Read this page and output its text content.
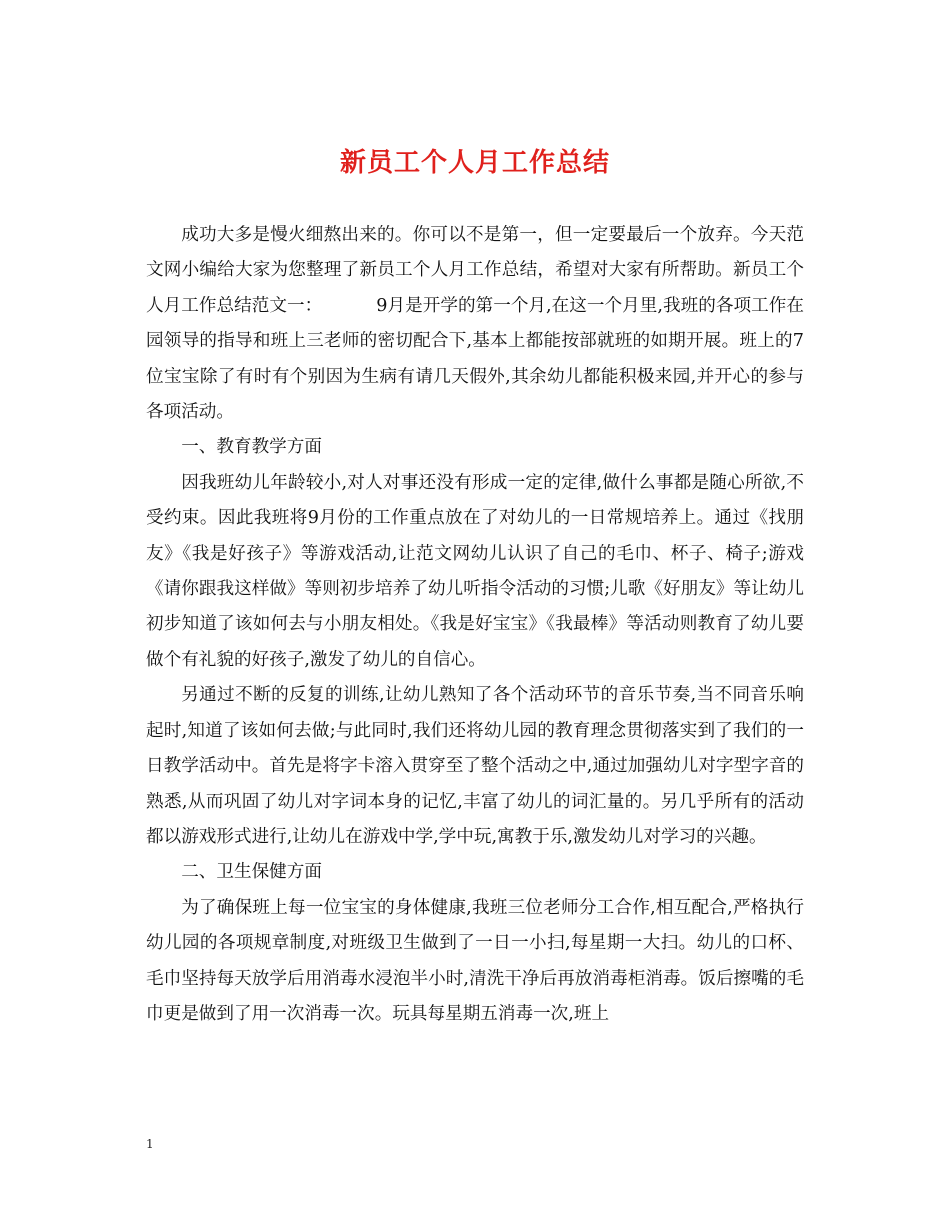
新员工个人月工作总结

成功大多是慢火细熬出来的。你可以不是第一，但一定要最后一个放弃。今天范文网小编给大家为您整理了新员工个人月工作总结，希望对大家有所帮助。新员工个人月工作总结范文一：	9月是开学的第一个月,在这一个月里,我班的各项工作在园领导的指导和班上三老师的密切配合下,基本上都能按部就班的如期开展。班上的7位宝宝除了有时有个别因为生病有请几天假外,其余幼儿都能积极来园,并开心的参与各项活动。

一、教育教学方面

因我班幼儿年龄较小,对人对事还没有形成一定的定律,做什么事都是随心所欲,不受约束。因此我班将9月份的工作重点放在了对幼儿的一日常规培养上。通过《找朋友》《我是好孩子》等游戏活动,让范文网幼儿认识了自己的毛巾、杯子、椅子;游戏《请你跟我这样做》等则初步培养了幼儿听指令活动的习惯;儿歌《好朋友》等让幼儿初步知道了该如何去与小朋友相处。《我是好宝宝》《我最棒》等活动则教育了幼儿要做个有礼貌的好孩子,激发了幼儿的自信心。

另通过不断的反复的训练,让幼儿熟知了各个活动环节的音乐节奏,当不同音乐响起时,知道了该如何去做;与此同时,我们还将幼儿园的教育理念贯彻落实到了我们的一日教学活动中。首先是将字卡溶入贯穿至了整个活动之中,通过加强幼儿对字型字音的熟悉,从而巩固了幼儿对字词本身的记忆,丰富了幼儿的词汇量的。另几乎所有的活动都以游戏形式进行,让幼儿在游戏中学,学中玩,寓教于乐,激发幼儿对学习的兴趣。

二、卫生保健方面

为了确保班上每一位宝宝的身体健康,我班三位老师分工合作,相互配合,严格执行幼儿园的各项规章制度,对班级卫生做到了一日一小扫,每星期一大扫。幼儿的口杯、毛巾坚持每天放学后用消毒水浸泡半小时,清洗干净后再放消毒柜消毒。饭后擦嘴的毛巾更是做到了用一次消毒一次。玩具每星期五消毒一次,班上

1
